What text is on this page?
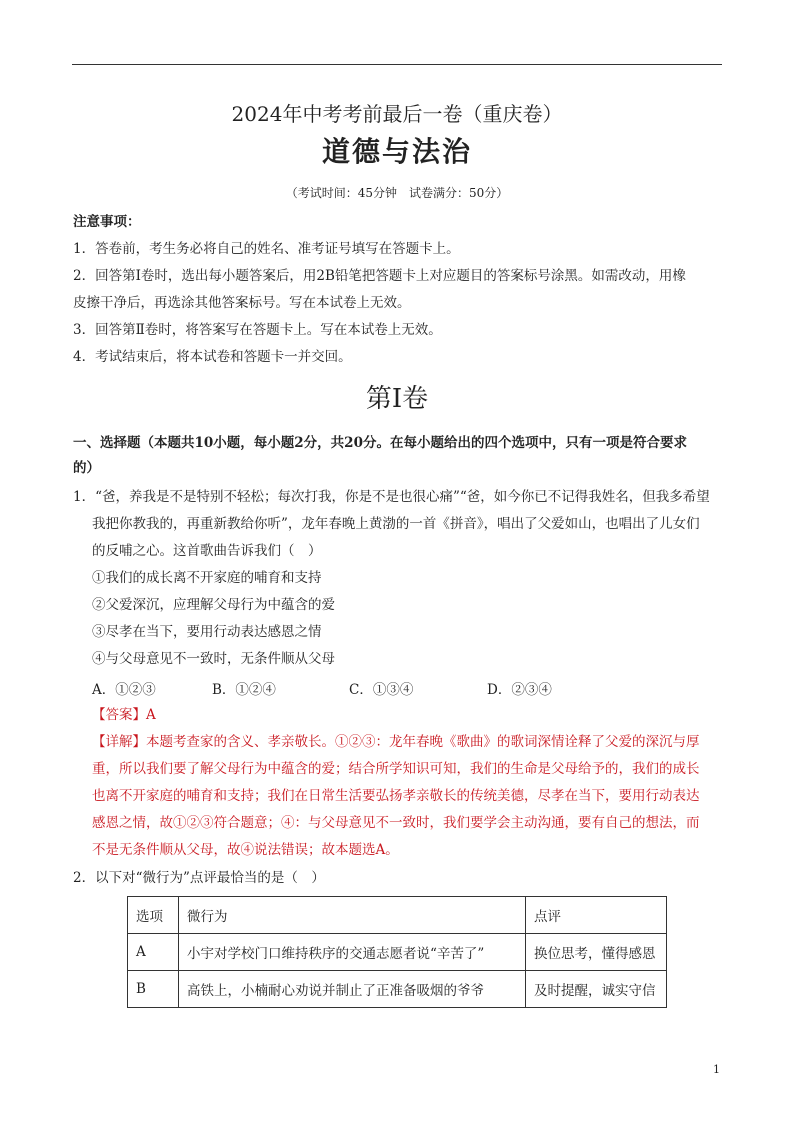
2024年中考考前最后一卷（重庆卷）
道德与法治
（考试时间：45分钟　试卷满分：50分）
注意事项：
1．答卷前，考生务必将自己的姓名、准考证号填写在答题卡上。
2．回答第Ⅰ卷时，选出每小题答案后，用2B铅笔把答题卡上对应题目的答案标号涂黑。如需改动，用橡
皮擦干净后，再选涂其他答案标号。写在本试卷上无效。
3．回答第Ⅱ卷时，将答案写在答题卡上。写在本试卷上无效。
4．考试结束后，将本试卷和答题卡一并交回。
第Ⅰ卷
一、选择题（本题共10小题，每小题2分，共20分。在每小题给出的四个选项中，只有一项是符合要求
的）
1．“爸，养我是不是特别不轻松；每次打我，你是不是也很心痛”“爸，如今你已不记得我姓名，但我多希望
我把你教我的，再重新教给你听”，龙年春晚上黄渤的一首《拼音》，唱出了父爱如山，也唱出了儿女们
的反哺之心。这首歌曲告诉我们（　）
①我们的成长离不开家庭的哺育和支持
②父爱深沉，应理解父母行为中蕴含的爱
③尽孝在当下，要用行动表达感恩之情
④与父母意见不一致时，无条件顺从父母
A．①②③	B．①②④	C．①③④	D．②③④
【答案】A
【详解】本题考查家的含义、孝亲敬长。①②③：龙年春晚《歌曲》的歌词深情诠释了父爱的深沉与厚
重，所以我们要了解父母行为中蕴含的爱；结合所学知识可知，我们的生命是父母给予的，我们的成长
也离不开家庭的哺育和支持；我们在日常生活要弘扬孝亲敬长的传统美德，尽孝在当下，要用行动表达
感恩之情，故①②③符合题意；④：与父母意见不一致时，我们要学会主动沟通，要有自己的想法，而
不是无条件顺从父母，故④说法错误；故本题选A。
2．以下对“微行为”点评最恰当的是（　）
选项	微行为	点评
A	小宇对学校门口维持秩序的交通志愿者说“辛苦了”	换位思考，懂得感恩
B	高铁上，小楠耐心劝说并制止了正准备吸烟的爷爷	及时提醒，诚实守信
1
